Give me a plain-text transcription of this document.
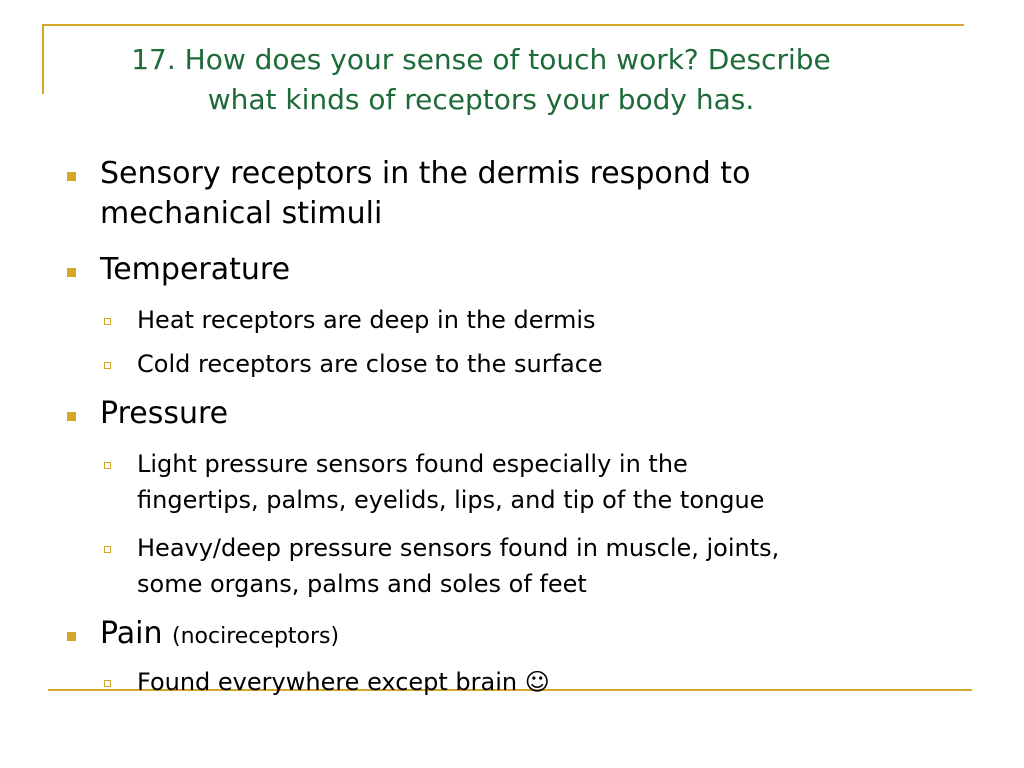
17. How does your sense of touch work? Describe
what kinds of receptors your body has.
Sensory receptors in the dermis respond to
mechanical stimuli
Temperature
Heat receptors are deep in the dermis
Cold receptors are close to the surface
Pressure
Light pressure sensors found especially in the
fingertips, palms, eyelids, lips, and tip of the tongue
Heavy/deep pressure sensors found in muscle, joints,
some organs, palms and soles of feet
Pain (nocireceptors)
Found everywhere except brain ☺
